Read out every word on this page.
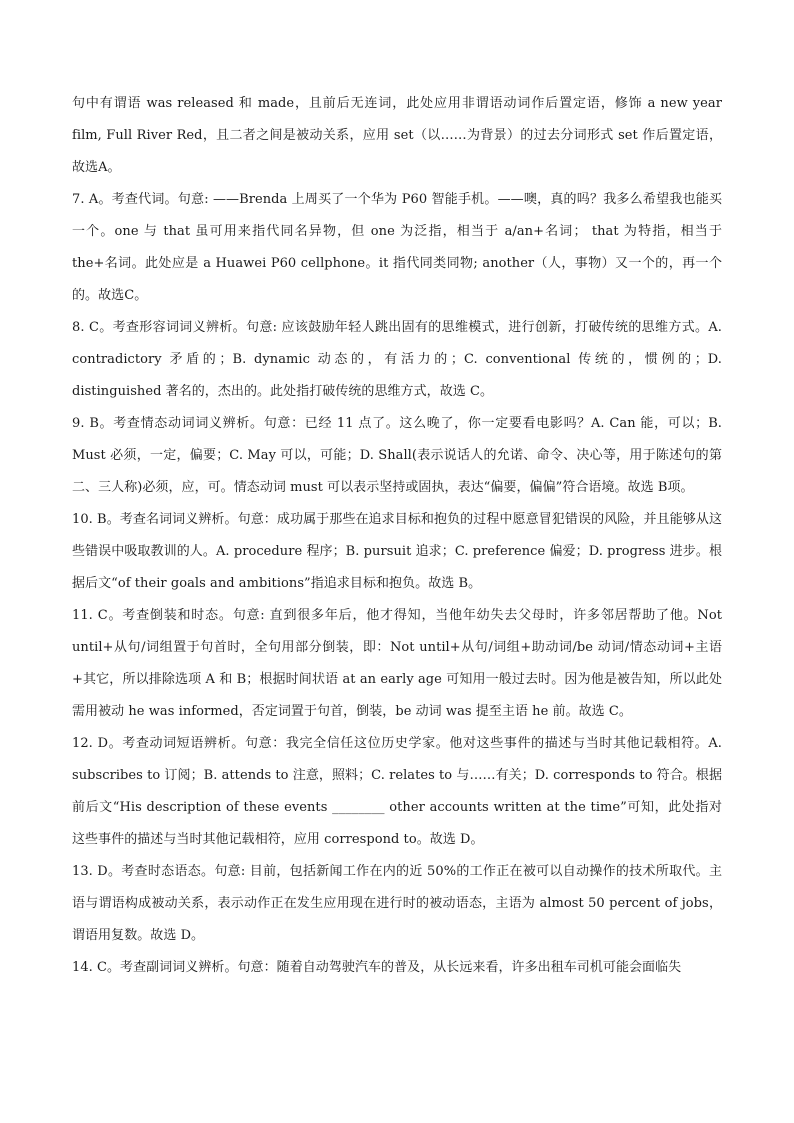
句中有谓语 was released 和 made，且前后无连词，此处应用非谓语动词作后置定语，修饰 a new year film, Full River Red，且二者之间是被动关系，应用 set（以……为背景）的过去分词形式 set 作后置定语，故选A。

7. A。考查代词。句意: ——Brenda 上周买了一个华为 P60 智能手机。——噢，真的吗？我多么希望我也能买一个。one 与 that 虽可用来指代同名异物，但 one 为泛指，相当于 a/an+名词； that 为特指，相当于 the+名词。此处应是 a Huawei P60 cellphone。it 指代同类同物; another（人，事物）又一个的，再一个的。故选C。

8. C。考查形容词词义辨析。句意: 应该鼓励年轻人跳出固有的思维模式，进行创新，打破传统的思维方式。A. contradictory 矛盾的；B. dynamic 动态的，有活力的；C. conventional 传统的，惯例的；D. distinguished 著名的，杰出的。此处指打破传统的思维方式，故选 C。

9. B。考查情态动词词义辨析。句意：已经 11 点了。这么晚了，你一定要看电影吗？A. Can 能，可以；B. Must 必须，一定，偏要；C. May 可以，可能；D. Shall(表示说话人的允诺、命令、决心等，用于陈述句的第二、三人称)必须，应，可。情态动词 must 可以表示坚持或固执，表达“偏要，偏偏”符合语境。故选 B项。

10. B。考查名词词义辨析。句意：成功属于那些在追求目标和抱负的过程中愿意冒犯错误的风险，并且能够从这些错误中吸取教训的人。A. procedure 程序；B. pursuit 追求；C. preference 偏爱；D. progress 进步。根据后文“of their goals and ambitions”指追求目标和抱负。故选 B。

11. C。考查倒装和时态。句意: 直到很多年后，他才得知，当他年幼失去父母时，许多邻居帮助了他。Not until+从句/词组置于句首时，全句用部分倒装，即：Not until+从句/词组+助动词/be 动词/情态动词+主语+其它，所以排除选项 A 和 B；根据时间状语 at an early age 可知用一般过去时。因为他是被告知，所以此处需用被动 he was informed，否定词置于句首，倒装，be 动词 was 提至主语 he 前。故选 C。

12. D。考查动词短语辨析。句意：我完全信任这位历史学家。他对这些事件的描述与当时其他记载相符。A. subscribes to 订阅；B. attends to 注意，照料；C. relates to 与……有关；D. corresponds to 符合。根据前后文“His description of these events ________ other accounts written at the time”可知，此处指对这些事件的描述与当时其他记载相符，应用 correspond to。故选 D。

13. D。考查时态语态。句意: 目前，包括新闻工作在内的近 50%的工作正在被可以自动操作的技术所取代。主语与谓语构成被动关系，表示动作正在发生应用现在进行时的被动语态，主语为 almost 50 percent of jobs，谓语用复数。故选 D。

14. C。考查副词词义辨析。句意：随着自动驾驶汽车的普及，从长远来看，许多出租车司机可能会面临失
